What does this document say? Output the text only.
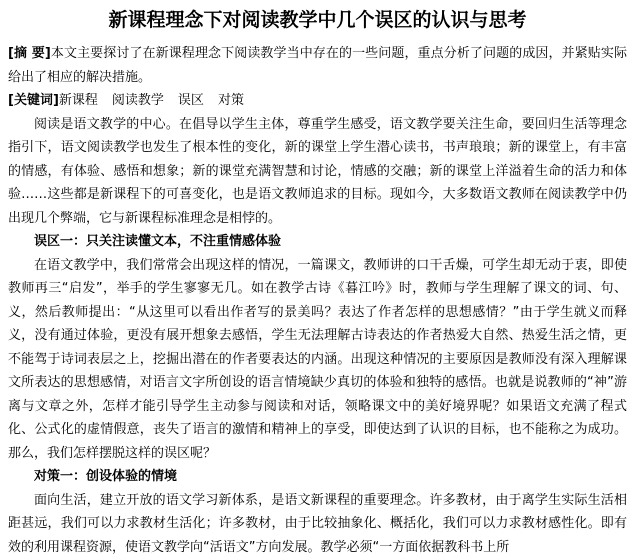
新课程理念下对阅读教学中几个误区的认识与思考

[摘 要]本文主要探讨了在新课程理念下阅读教学当中存在的一些问题，重点分析了问题的成因，并紧贴实际给出了相应的解决措施。

[关键词]新课程 阅读教学 误区 对策

阅读是语文教学的中心。在倡导以学生主体，尊重学生感受，语文教学要关注生命，要回归生活等理念指引下，语文阅读教学也发生了根本性的变化，新的课堂上学生潜心读书，书声琅琅；新的课堂上，有丰富的情感，有体验、感悟和想象；新的课堂充满智慧和讨论，情感的交融；新的课堂上洋溢着生命的活力和体验……这些都是新课程下的可喜变化，也是语文教师追求的目标。现如今，大多数语文教师在阅读教学中仍出现几个弊端，它与新课程标准理念是相悖的。

误区一：只关注读懂文本，不注重情感体验

在语文教学中，我们常常会出现这样的情况，一篇课文，教师讲的口干舌燥，可学生却无动于衷，即使教师再三“启发”，举手的学生寥寥无几。如在教学古诗《暮江吟》时，教师与学生理解了课文的词、句、义，然后教师提出：“从这里可以看出作者写的景美吗？表达了作者怎样的思想感情？”由于学生就义而释义，没有通过体验，更没有展开想象去感悟，学生无法理解古诗表达的作者热爱大自然、热爱生活之情，更不能驾于诗词表层之上，挖掘出潜在的作者要表达的内涵。出现这种情况的主要原因是教师没有深入理解课文所表达的思想感情，对语言文字所创设的语言情境缺少真切的体验和独特的感悟。也就是说教师的“神”游离与文章之外，怎样才能引导学生主动参与阅读和对话，领略课文中的美好境界呢？如果语文充满了程式化、公式化的虚情假意，丧失了语言的激情和精神上的享受，即使达到了认识的目标，也不能称之为成功。那么，我们怎样摆脱这样的误区呢？

对策一：创设体验的情境

面向生活，建立开放的语文学习新体系，是语文新课程的重要理念。许多教材，由于离学生实际生活相距甚远，我们可以力求教材生活化；许多教材，由于比较抽象化、概括化，我们可以力求教材感性化。即有效的利用课程资源，使语文教学向“活语文”方向发展。教学必须“一方面依据教科书上所
